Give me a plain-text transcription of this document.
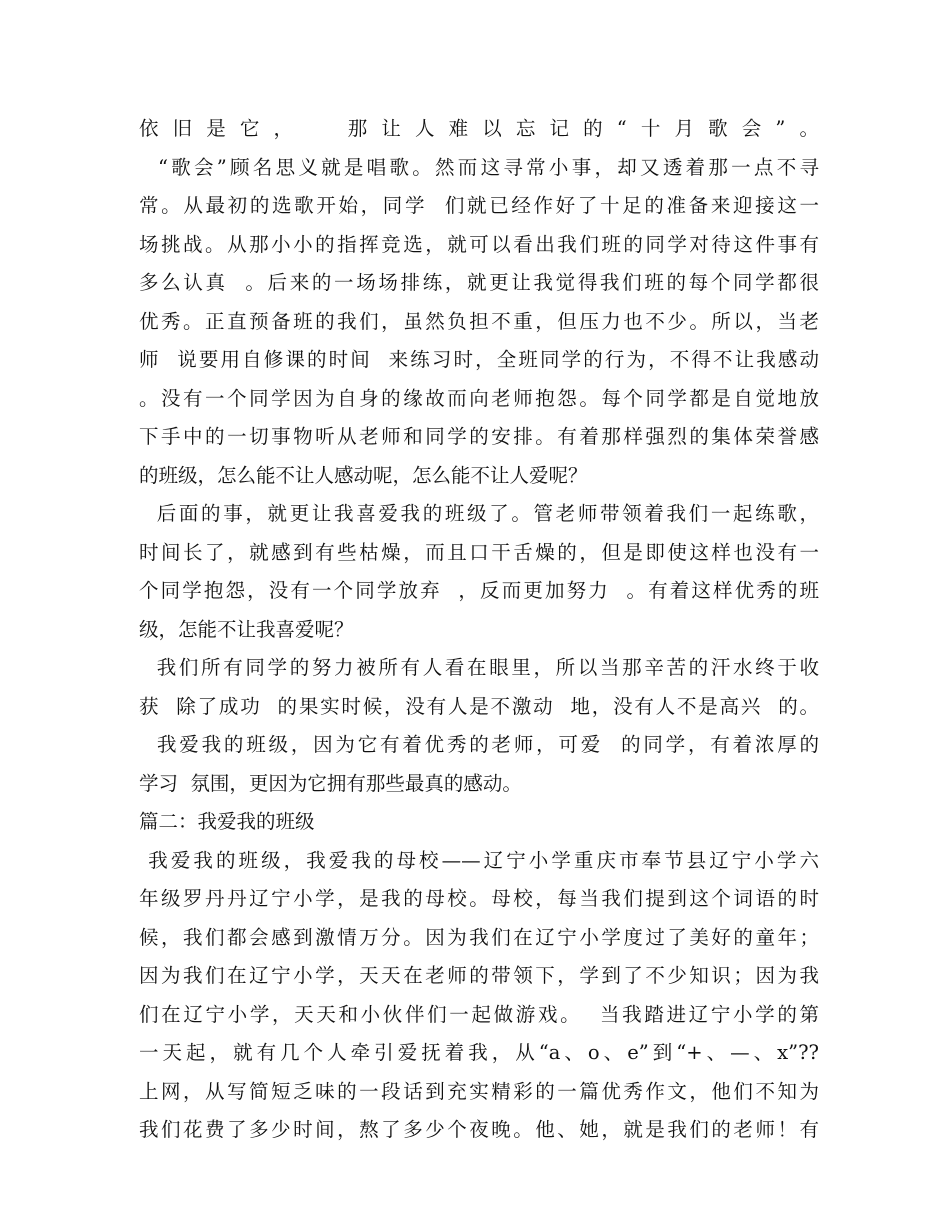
依旧是它，  那让人难以忘记的“十月歌会”。
“歌会”顾名思义就是唱歌。然而这寻常小事，却又透着那一点不寻
常。从最初的选歌开始，同学  们就已经作好了十足的准备来迎接这一
场挑战。从那小小的指挥竞选，就可以看出我们班的同学对待这件事有
多么认真  。后来的一场场排练，就更让我觉得我们班的每个同学都很
优秀。正直预备班的我们，虽然负担不重，但压力也不少。所以，当老
师  说要用自修课的时间  来练习时，全班同学的行为，不得不让我感动
。没有一个同学因为自身的缘故而向老师抱怨。每个同学都是自觉地放
下手中的一切事物听从老师和同学的安排。有着那样强烈的集体荣誉感
的班级，怎么能不让人感动呢，怎么能不让人爱呢？
后面的事，就更让我喜爱我的班级了。管老师带领着我们一起练歌，
时间长了，就感到有些枯燥，而且口干舌燥的，但是即使这样也没有一
个同学抱怨，没有一个同学放弃  ，反而更加努力  。有着这样优秀的班
级，怎能不让我喜爱呢？
我们所有同学的努力被所有人看在眼里，所以当那辛苦的汗水终于收
获  除了成功  的果实时候，没有人是不激动  地，没有人不是高兴  的。
我爱我的班级，因为它有着优秀的老师，可爱  的同学，有着浓厚的
学习  氛围，更因为它拥有那些最真的感动。
篇二：我爱我的班级
我爱我的班级，我爱我的母校——辽宁小学重庆市奉节县辽宁小学六
年级罗丹丹辽宁小学，是我的母校。母校，每当我们提到这个词语的时
候，我们都会感到激情万分。因为我们在辽宁小学度过了美好的童年；
因为我们在辽宁小学，天天在老师的带领下，学到了不少知识；因为我
们在辽宁小学，天天和小伙伴们一起做游戏。  当我踏进辽宁小学的第
一天起，就有几个人牵引爱抚着我，从“a、o、e”到“+、—、x”??
上网，从写简短乏味的一段话到充实精彩的一篇优秀作文，他们不知为
我们花费了多少时间，熬了多少个夜晚。他、她，就是我们的老师！有
